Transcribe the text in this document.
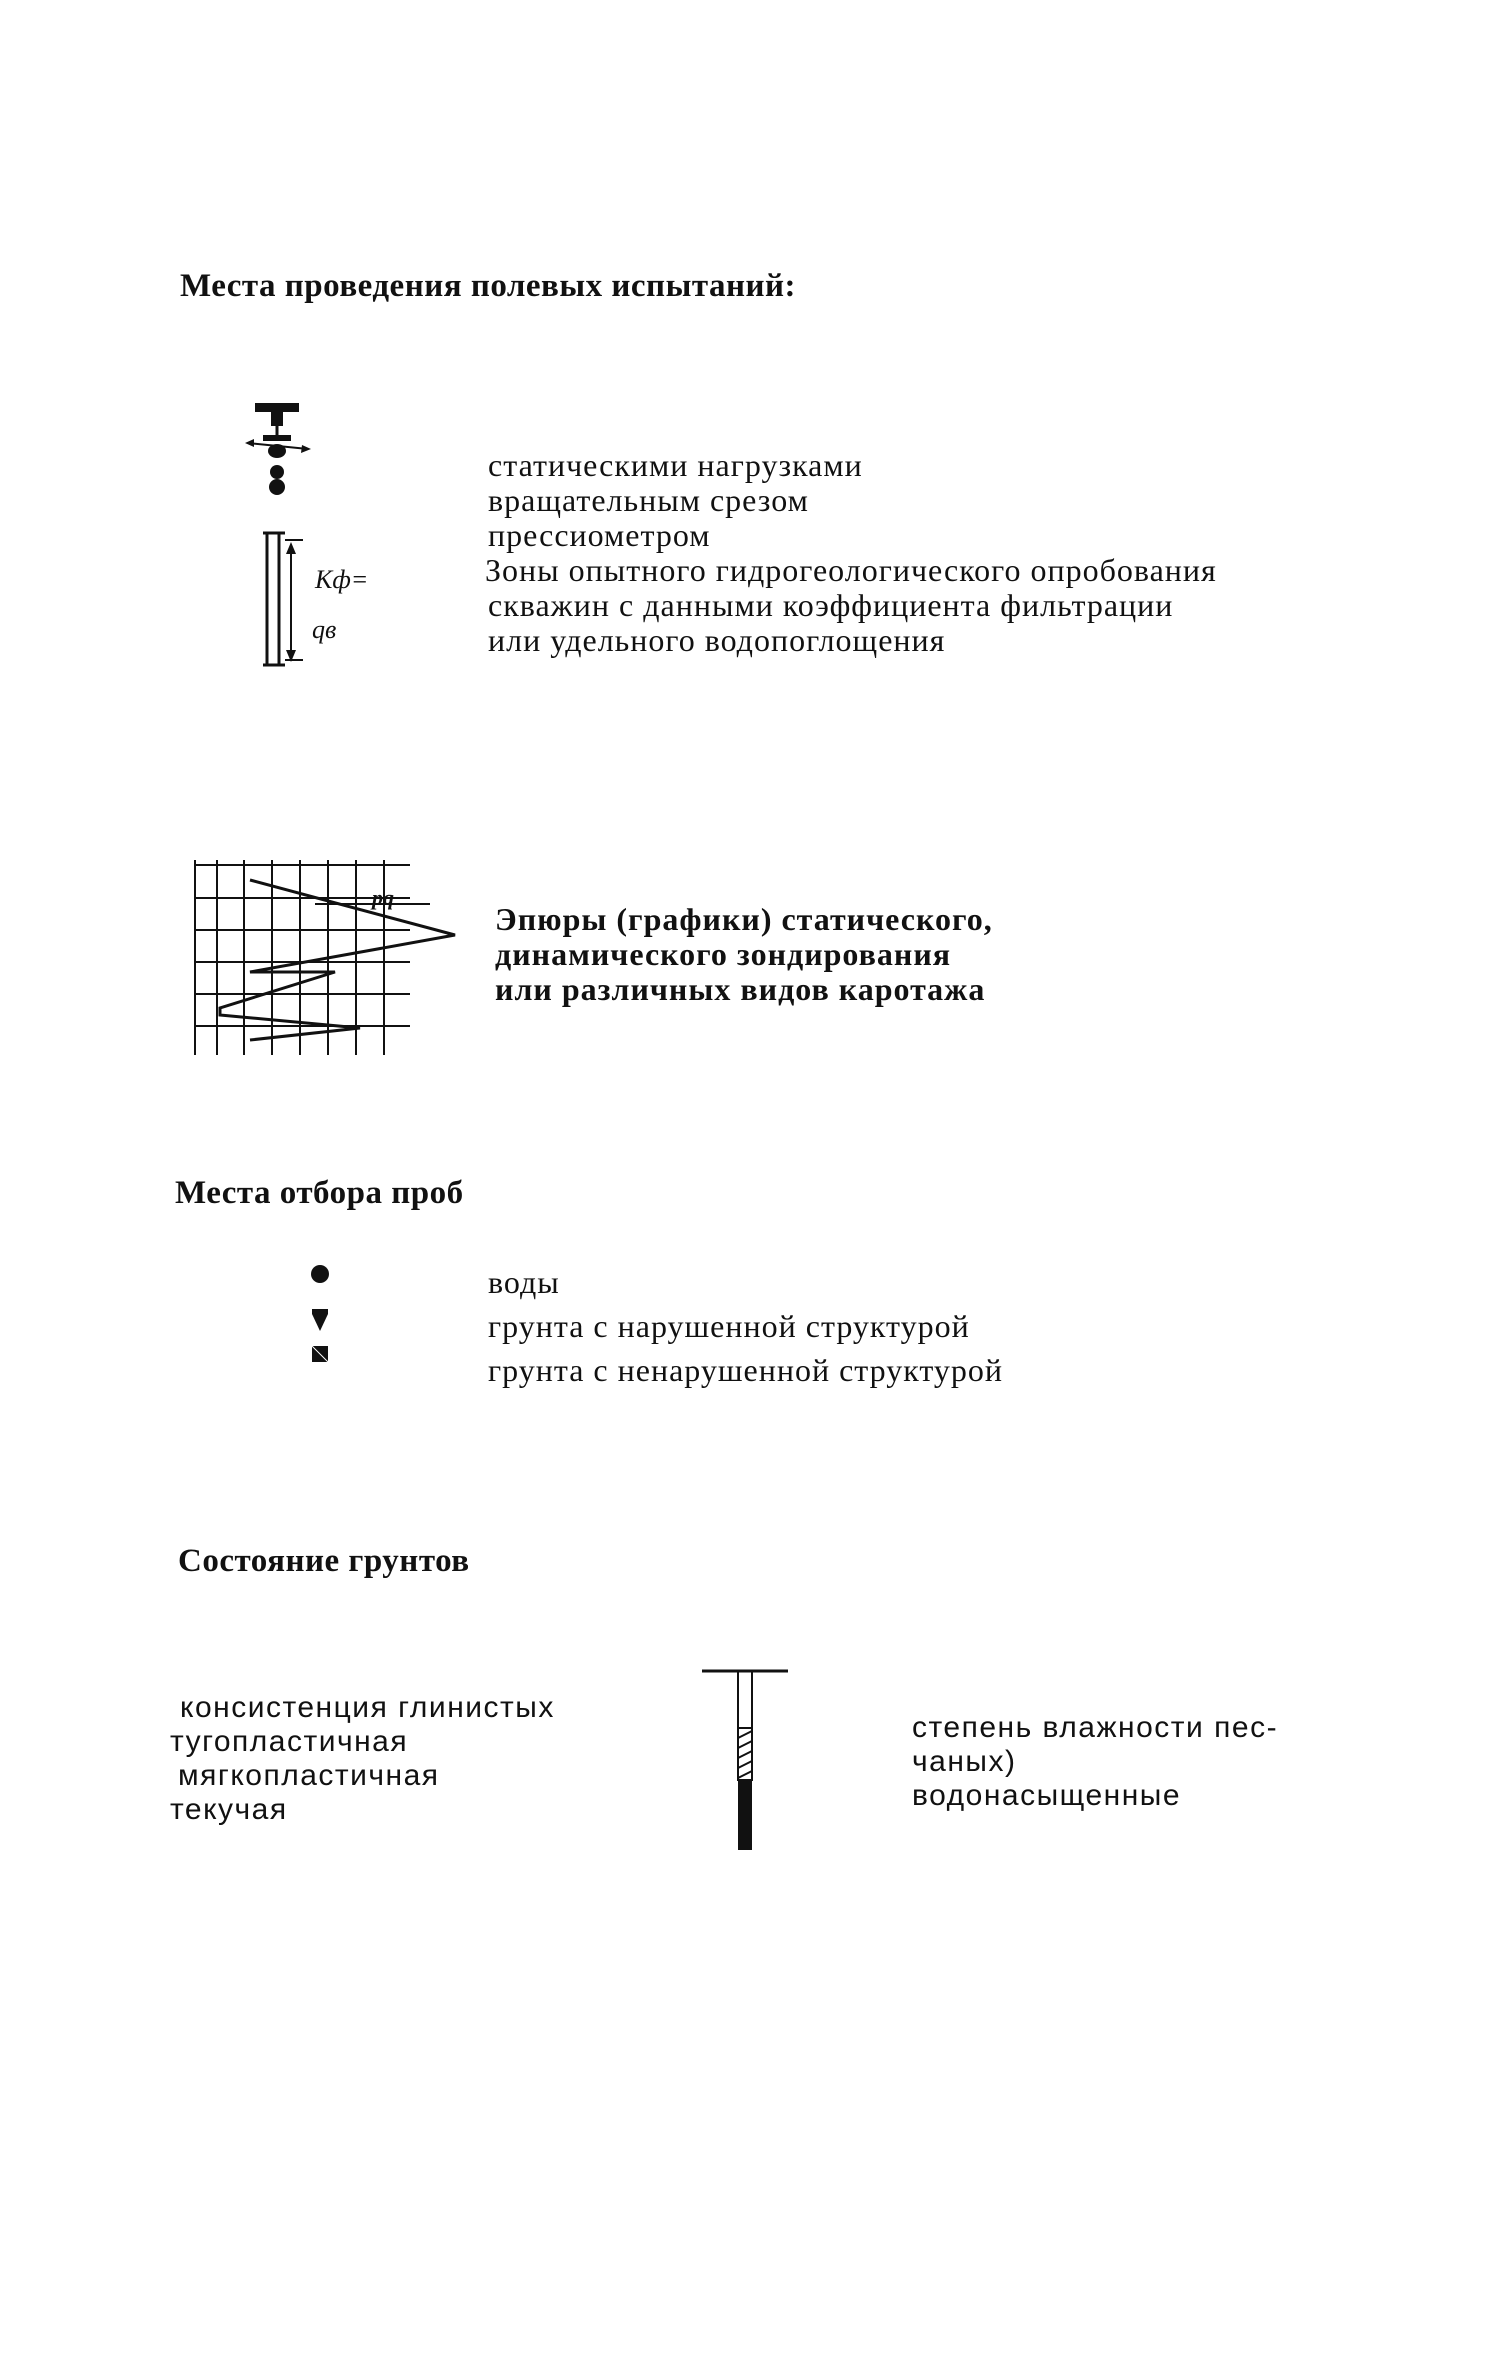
Места проведения полевых испытаний:
Kф=
qв
статическими нагрузками
вращательным срезом
прессиометром
Зоны опытного гидрогеологического опробования
скважин с данными коэффициента фильтрации
или удельного водопоглощения
pq
Эпюры (графики) статического,
динамического зондирования
или различных видов каротажа
Места отбора проб
воды
грунта с нарушенной структурой
грунта с ненарушенной структурой
Состояние грунтов
консистенция глинистых
тугопластичная
мягкопластичная
текучая
степень влажности пес-
чаных)
водонасыщенные
